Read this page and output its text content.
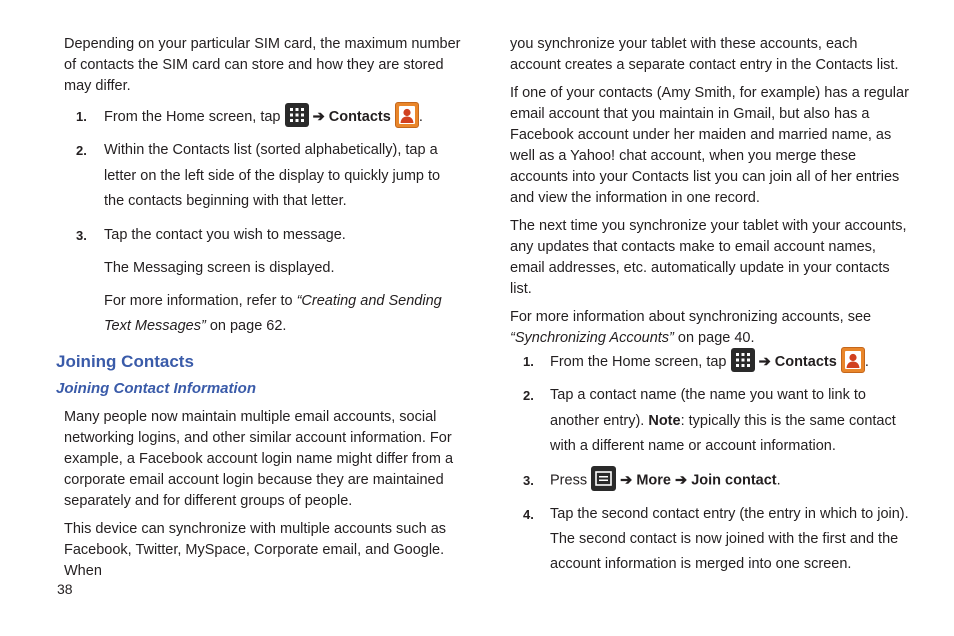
Depending on your particular SIM card, the maximum number of contacts the SIM card can store and how they are stored may differ.

1. From the Home screen, tap ➔ Contacts .
2. Within the Contacts list (sorted alphabetically), tap a letter on the left side of the display to quickly jump to the contacts beginning with that letter.
3. Tap the contact you wish to message.
The Messaging screen is displayed.
For more information, refer to “Creating and Sending Text Messages” on page 62.
Joining Contacts
Joining Contact Information

Many people now maintain multiple email accounts, social networking logins, and other similar account information. For example, a Facebook account login name might differ from a corporate email account login because they are maintained separately and for different groups of people.

This device can synchronize with multiple accounts such as Facebook, Twitter, MySpace, Corporate email, and Google. When

you synchronize your tablet with these accounts, each account creates a separate contact entry in the Contacts list.

If one of your contacts (Amy Smith, for example) has a regular email account that you maintain in Gmail, but also has a Facebook account under her maiden and married name, as well as a Yahoo! chat account, when you merge these accounts into your Contacts list you can join all of her entries and view the information in one record.

The next time you synchronize your tablet with your accounts, any updates that contacts make to email account names, email addresses, etc. automatically update in your contacts list.

For more information about synchronizing accounts, see “Synchronizing Accounts” on page 40.

1. From the Home screen, tap ➔ Contacts .
2. Tap a contact name (the name you want to link to another entry). Note: typically this is the same contact with a different name or account information.
3. Press ➔ More ➔ Join contact.
4. Tap the second contact entry (the entry in which to join).
The second contact is now joined with the first and the account information is merged into one screen.
38
